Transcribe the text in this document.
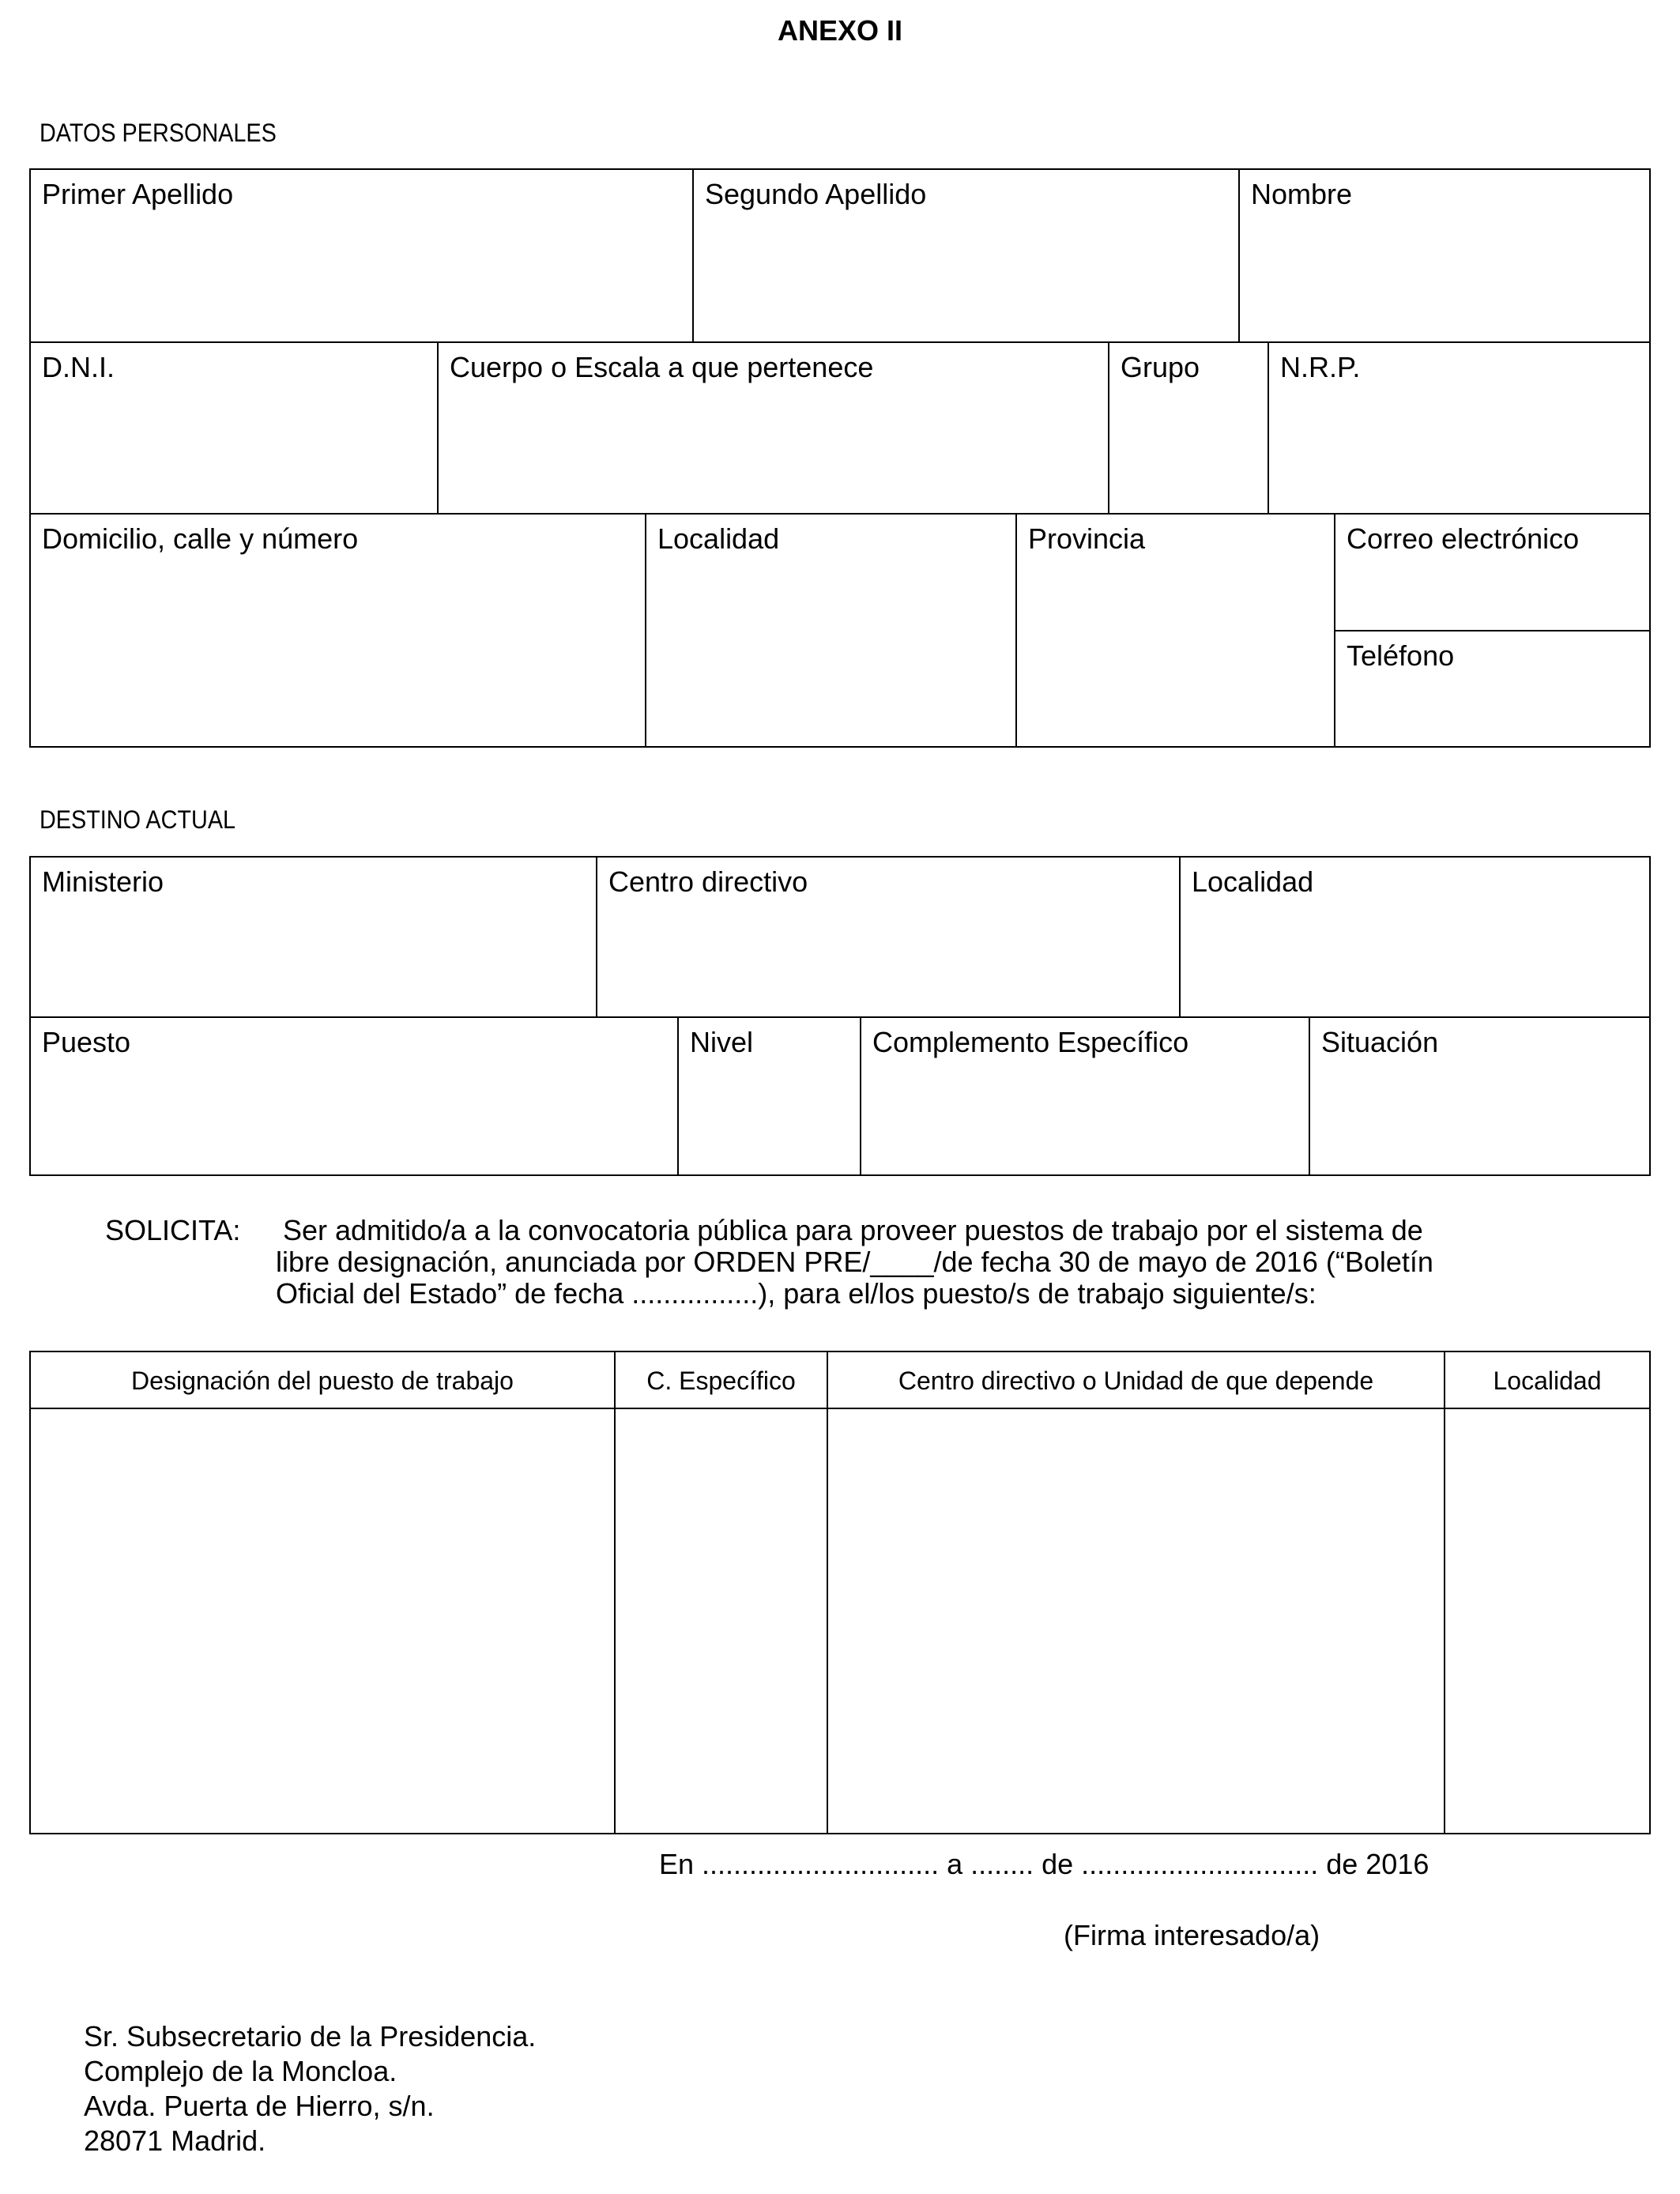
ANEXO II
DATOS PERSONALES
Primer Apellido	Segundo Apellido	Nombre
D.N.I.	Cuerpo o Escala a que pertenece	Grupo	N.R.P.
Domicilio, calle y número	Localidad	Provincia	Correo electrónico
Teléfono
DESTINO ACTUAL
Ministerio	Centro directivo	Localidad
Puesto	Nivel	Complemento Específico	Situación
SOLICITA: Ser admitido/a a la convocatoria pública para proveer puestos de trabajo por el sistema de
libre designación, anunciada por ORDEN PRE/____/de fecha 30 de mayo de 2016 (“Boletín
Oficial del Estado” de fecha ................), para el/los puesto/s de trabajo siguiente/s:
Designación del puesto de trabajo	C. Específico	Centro directivo o Unidad de que depende	Localidad
En .............................. a ........ de .............................. de 2016
(Firma interesado/a)
Sr. Subsecretario de la Presidencia.
Complejo de la Moncloa.
Avda. Puerta de Hierro, s/n.
28071 Madrid.
